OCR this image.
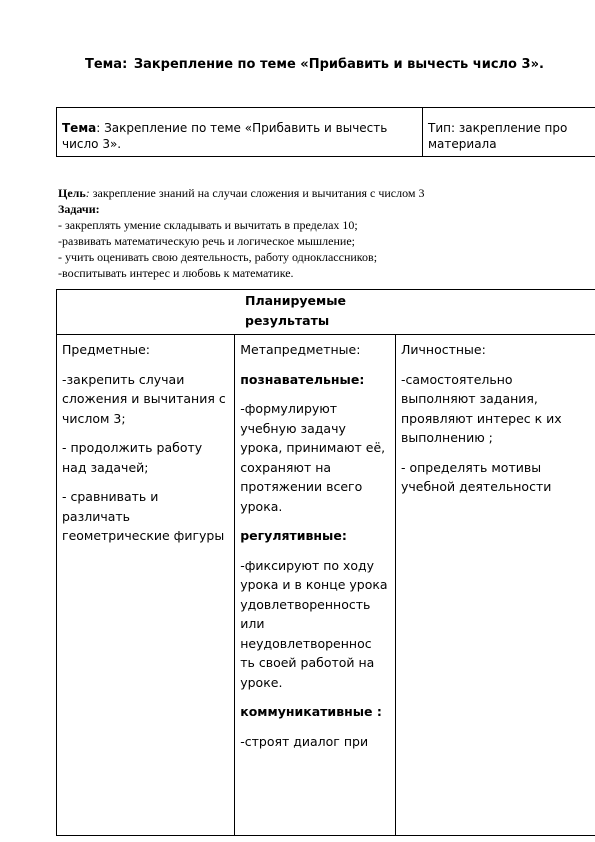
Тема: Закрепление по теме «Прибавить и вычесть число 3».
Тема: Закрепление по теме «Прибавить и вычесть число 3».	Тип: закрепление про материала
Цель: закрепление знаний на случаи сложения и вычитания с числом 3
Задачи:
- закреплять умение складывать и вычитать в пределах 10;
-развивать математическую речь и логическое мышление;
- учить оценивать свою деятельность, работу одноклассников;
-воспитывать интерес и любовь к математике.
Планируемые результаты

Предметные:
-закрепить случаи сложения и вычитания с числом 3;
- продолжить работу над задачей;
- сравнивать и различать геометрические фигуры

Метапредметные:
познавательные:
-формулируют учебную задачу урока, принимают её, сохраняют на протяжении всего урока.
регулятивные:
-фиксируют по ходу урока и в конце урока удовлетворенность или неудовлетвореннос ть своей работой на уроке.
коммуникативные :
-строят диалог при

Личностные:
-самостоятельно выполняют задания, проявляют интерес к их выполнению ;
- определять мотивы учебной деятельности
